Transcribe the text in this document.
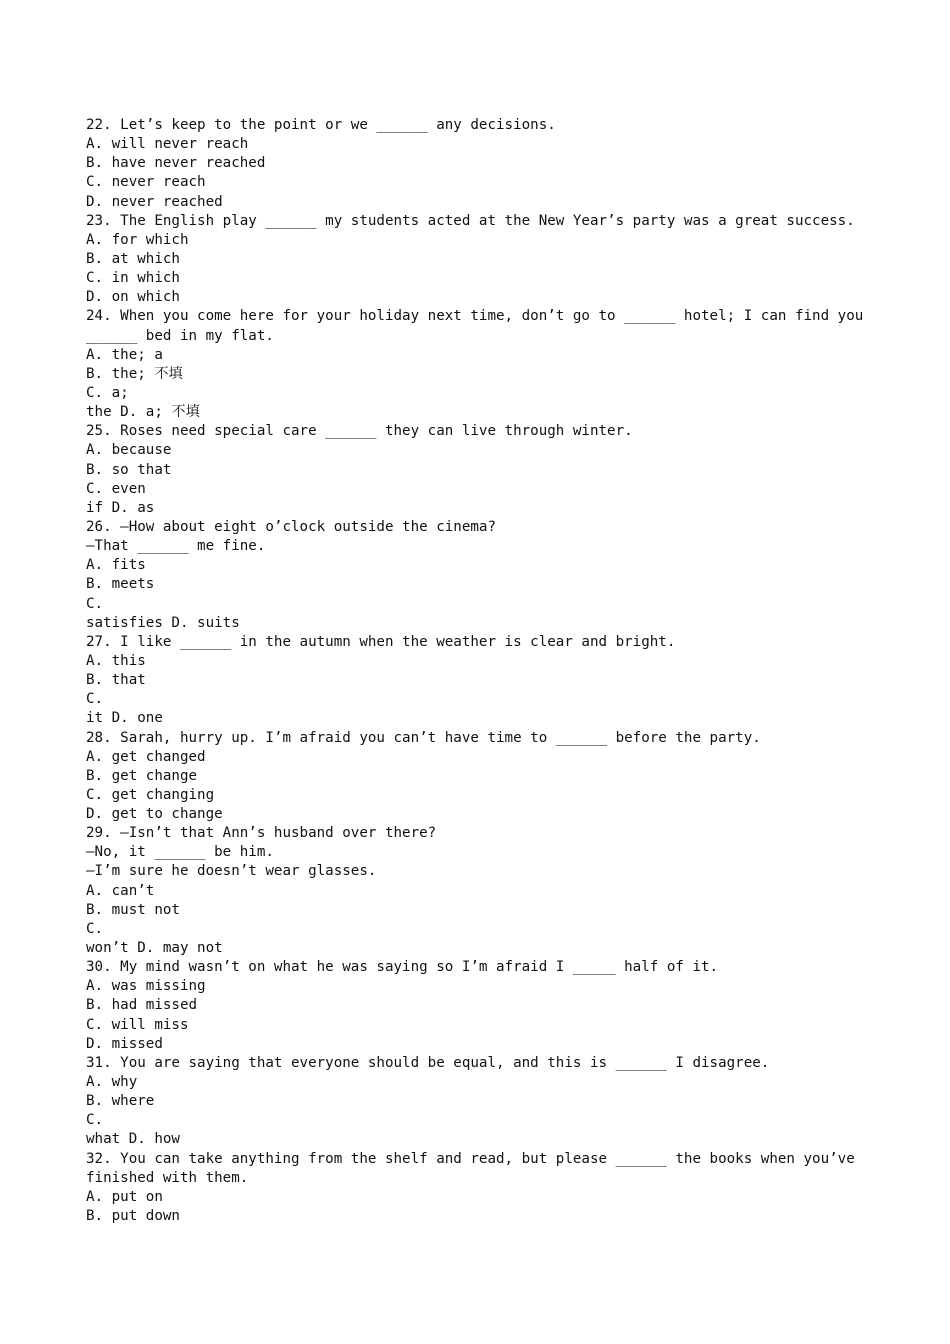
22. Let’s keep to the point or we ______ any decisions.
A. will never reach
B. have never reached
C. never reach
D. never reached
23. The English play ______ my students acted at the New Year’s party was a great success.
A. for which
B. at which
C. in which
D. on which
24. When you come here for your holiday next time, don’t go to ______ hotel; I can find you
______ bed in my flat.
A. the; a
B. the; 不填
C. a;
the D. a; 不填
25. Roses need special care ______ they can live through winter.
A. because
B. so that
C. even
if D. as
26. —How about eight o’clock outside the cinema?
—That ______ me fine.
A. fits
B. meets
C.
satisfies D. suits
27. I like ______ in the autumn when the weather is clear and bright.
A. this
B. that
C.
it D. one
28. Sarah, hurry up. I’m afraid you can’t have time to ______ before the party.
A. get changed
B. get change
C. get changing
D. get to change
29. —Isn’t that Ann’s husband over there?
—No, it ______ be him.
—I’m sure he doesn’t wear glasses.
A. can’t
B. must not
C.
won’t D. may not
30. My mind wasn’t on what he was saying so I’m afraid I _____ half of it.
A. was missing
B. had missed
C. will miss
D. missed
31. You are saying that everyone should be equal, and this is ______ I disagree.
A. why
B. where
C.
what D. how
32. You can take anything from the shelf and read, but please ______ the books when you’ve
finished with them.
A. put on
B. put down
